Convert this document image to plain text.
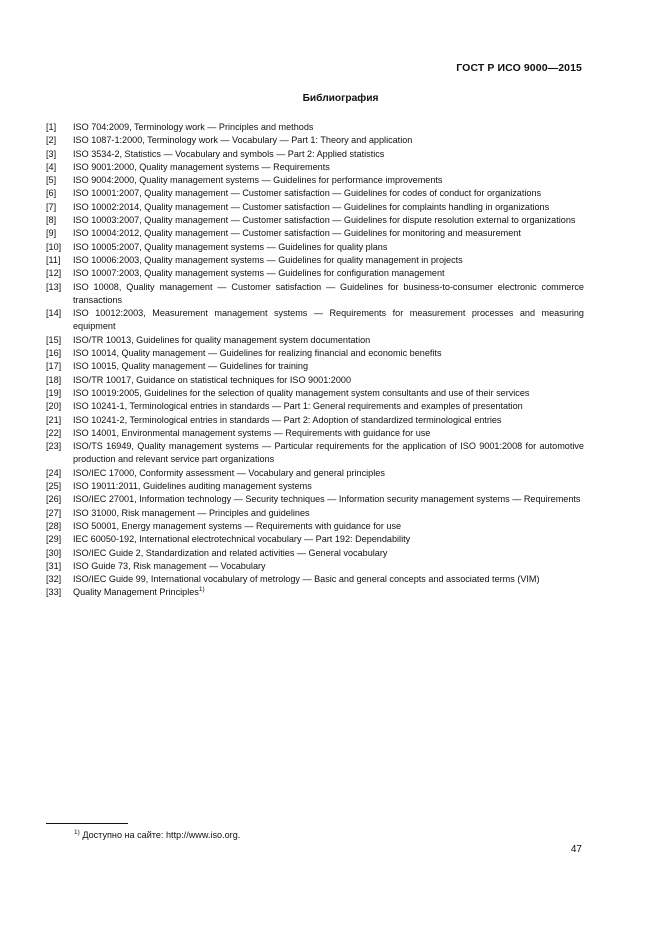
ГОСТ Р ИСО 9000—2015
Библиография
[1]	ISO 704:2009, Terminology work — Principles and methods
[2]	ISO 1087-1:2000, Terminology work — Vocabulary — Part 1: Theory and application
[3]	ISO 3534-2, Statistics — Vocabulary and symbols — Part 2: Applied statistics
[4]	ISO 9001:2000, Quality management systems — Requirements
[5]	ISO 9004:2000, Quality management systems — Guidelines for performance improvements
[6]	ISO 10001:2007, Quality management — Customer satisfaction — Guidelines for codes of conduct for organizations
[7]	ISO 10002:2014, Quality management — Customer satisfaction — Guidelines for complaints handling in organizations
[8]	ISO 10003:2007, Quality management — Customer satisfaction — Guidelines for dispute resolution external to organizations
[9]	ISO 10004:2012, Quality management — Customer satisfaction — Guidelines for monitoring and measurement
[10]	ISO 10005:2007, Quality management systems — Guidelines for quality plans
[11]	ISO 10006:2003, Quality management systems — Guidelines for quality management in projects
[12]	ISO 10007:2003, Quality management systems — Guidelines for configuration management
[13]	ISO 10008, Quality management — Customer satisfaction — Guidelines for business-to-consumer electronic commerce transactions
[14]	ISO 10012:2003, Measurement management systems — Requirements for measurement processes and measuring equipment
[15]	ISO/TR 10013, Guidelines for quality management system documentation
[16]	ISO 10014, Quality management — Guidelines for realizing financial and economic benefits
[17]	ISO 10015, Quality management — Guidelines for training
[18]	ISO/TR 10017, Guidance on statistical techniques for ISO 9001:2000
[19]	ISO 10019:2005, Guidelines for the selection of quality management system consultants and use of their services
[20]	ISO 10241-1, Terminological entries in standards — Part 1: General requirements and examples of presentation
[21]	ISO 10241-2, Terminological entries in standards — Part 2: Adoption of standardized terminological entries
[22]	ISO 14001, Environmental management systems — Requirements with guidance for use
[23]	ISO/TS 16949, Quality management systems — Particular requirements for the application of ISO 9001:2008 for automotive production and relevant service part organizations
[24]	ISO/IEC 17000, Conformity assessment — Vocabulary and general principles
[25]	ISO 19011:2011, Guidelines auditing management systems
[26]	ISO/IEC 27001, Information technology — Security techniques — Information security management systems — Requirements
[27]	ISO 31000, Risk management — Principles and guidelines
[28]	ISO 50001, Energy management systems — Requirements with guidance for use
[29]	IEC 60050-192, International electrotechnical vocabulary — Part 192: Dependability
[30]	ISO/IEC Guide 2, Standardization and related activities — General vocabulary
[31]	ISO Guide 73, Risk management — Vocabulary
[32]	ISO/IEC Guide 99, International vocabulary of metrology — Basic and general concepts and associated terms (VIM)
[33]	Quality Management Principles$^{1)}$
$^{1)}$ Доступно на сайте: http://www.iso.org.
47
